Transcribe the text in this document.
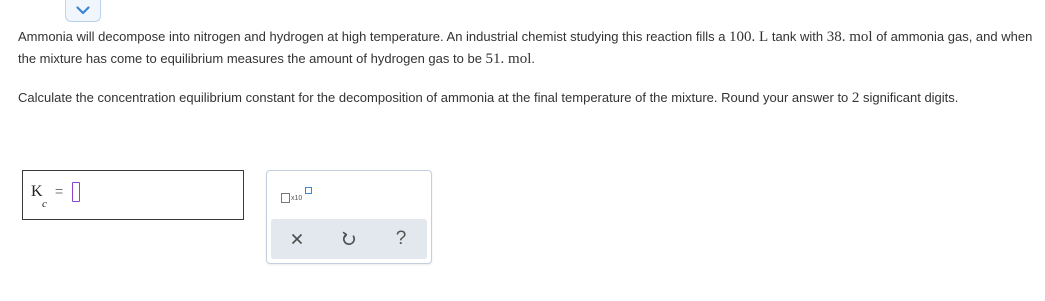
Ammonia will decompose into nitrogen and hydrogen at high temperature. An industrial chemist studying this reaction fills a 100. L tank with 38. mol of ammonia gas, and when the mixture has come to equilibrium measures the amount of hydrogen gas to be 51. mol.

Calculate the concentration equilibrium constant for the decomposition of ammonia at the final temperature of the mixture. Round your answer to 2 significant digits.

K
c
=	x10
?
